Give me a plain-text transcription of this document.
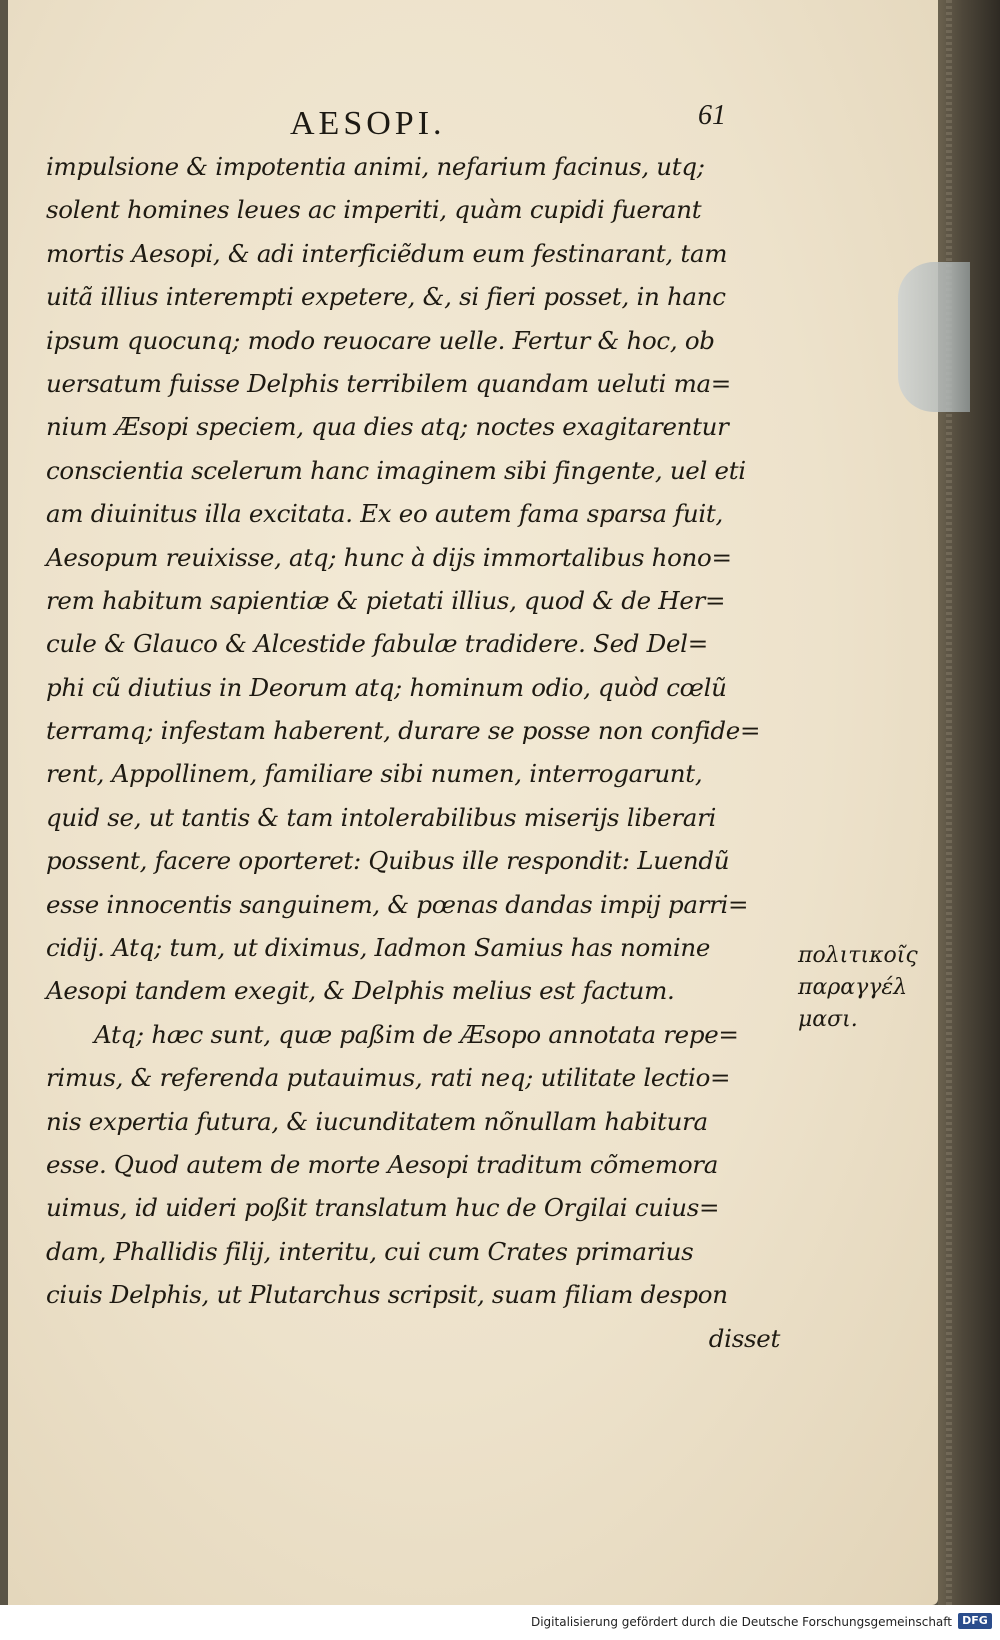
AESOPI.	61
impulsione & impotentia animi, nefarium facinus, utq;
solent homines leues ac imperiti, quàm cupidi fuerant
mortis Aesopi, & adi interficiẽdum eum festinarant, tam
uitã illius interempti expetere, &, si fieri posset, in hanc
ipsum quocunq; modo reuocare uelle. Fertur & hoc, ob
uersatum fuisse Delphis terribilem quandam ueluti ma=
nium Æsopi speciem, qua dies atq; noctes exagitarentur
conscientia scelerum hanc imaginem sibi fingente, uel eti
am diuinitus illa excitata. Ex eo autem fama sparsa fuit,
Aesopum reuixisse, atq; hunc à dijs immortalibus hono=
rem habitum sapientiæ & pietati illius, quod & de Her=
cule & Glauco & Alcestide fabulæ tradidere. Sed Del=
phi cũ diutius in Deorum atq; hominum odio, quòd cœlũ
terramq; infestam haberent, durare se posse non confide=
rent, Appollinem, familiare sibi numen, interrogarunt,
quid se, ut tantis & tam intolerabilibus miserijs liberari
possent, facere oporteret: Quibus ille respondit: Luendũ
esse innocentis sanguinem, & pœnas dandas impij parri=
cidij. Atq; tum, ut diximus, Iadmon Samius has nomine
Aesopi tandem exegit, & Delphis melius est factum.
Atq; hæc sunt, quæ paßim de Æsopo annotata repe=
rimus, & referenda putauimus, rati neq; utilitate lectio=
nis expertia futura, & iucunditatem nõnullam habitura
esse. Quod autem de morte Aesopi traditum cõmemora
uimus, id uideri poßit translatum huc de Orgilai cuius=
dam, Phallidis filij, interitu, cui cum Crates primarius
ciuis Delphis, ut Plutarchus scripsit, suam filiam despon
disset
πολιτικοῖς
παραγγέλ
μασι.
Digitalisierung gefördert durch die Deutsche Forschungsgemeinschaft DFG
